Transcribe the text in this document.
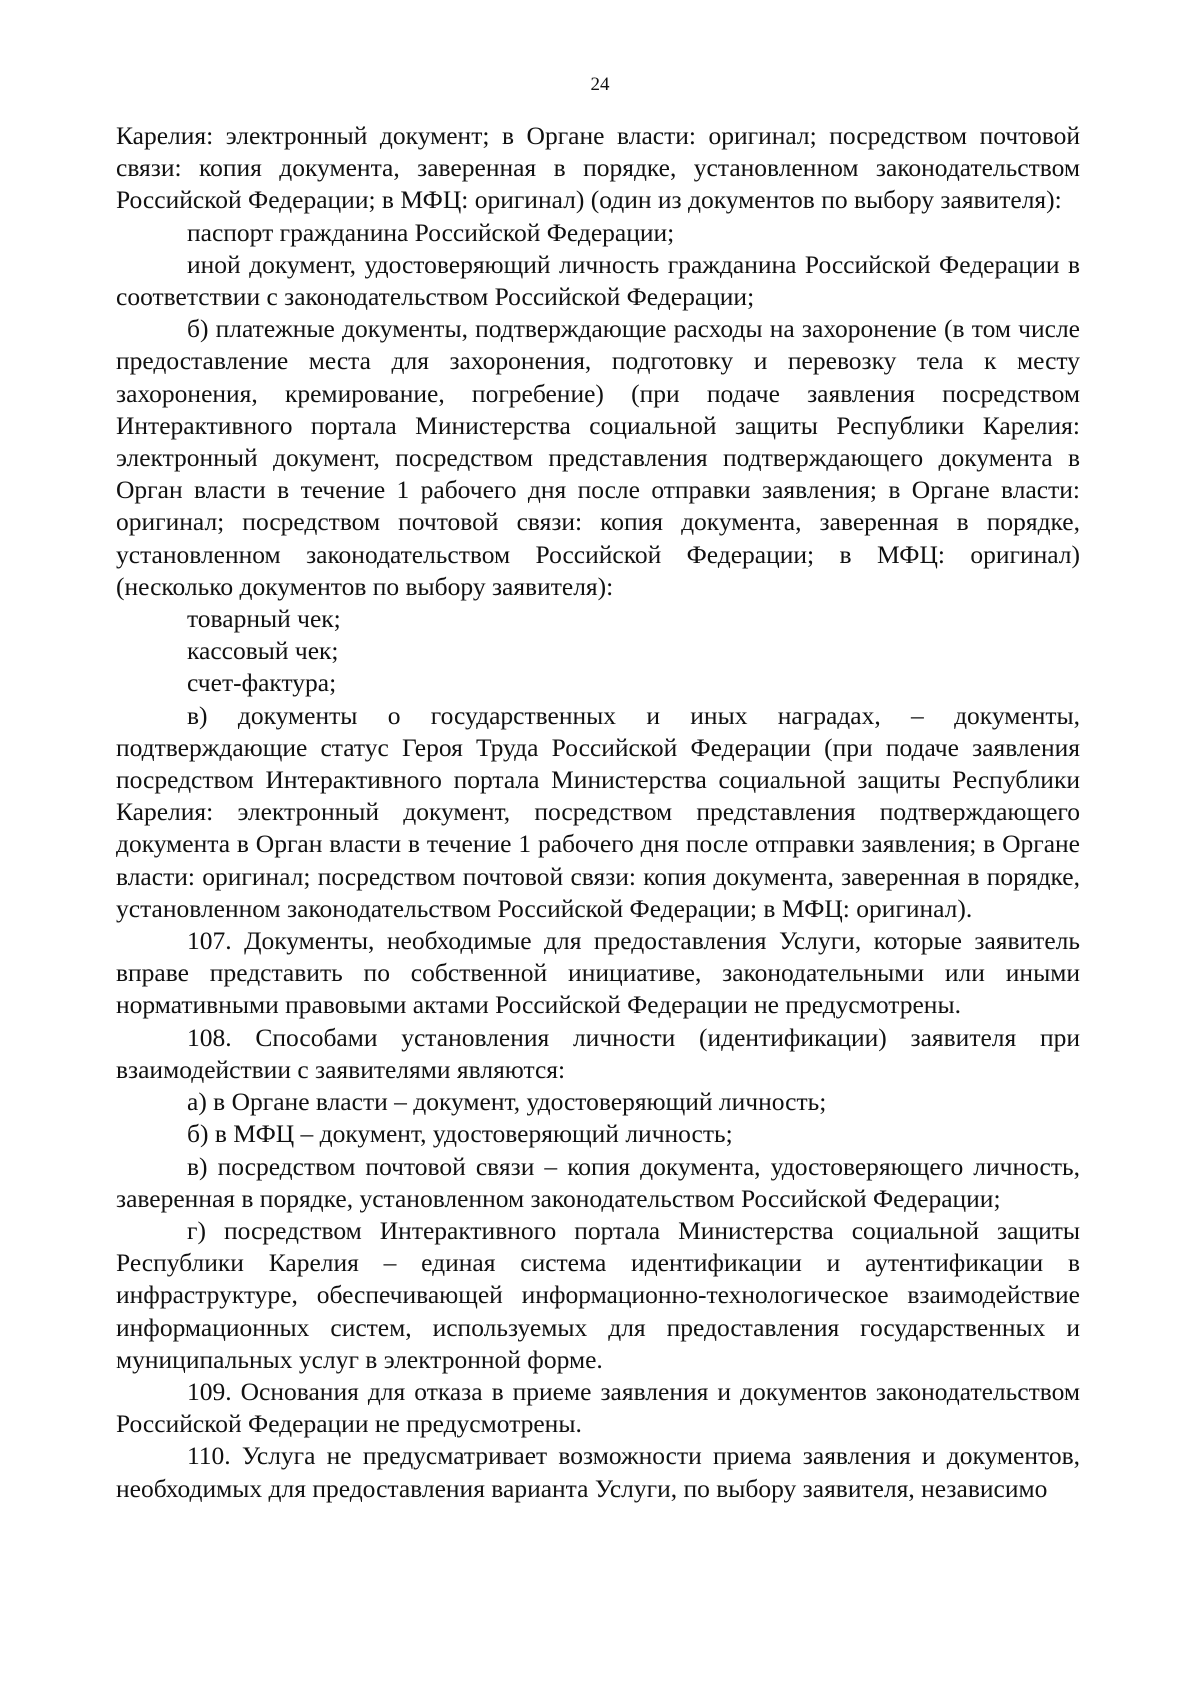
24

Карелия: электронный документ; в Органе власти: оригинал; посредством почтовой связи: копия документа, заверенная в порядке, установленном законодательством Российской Федерации; в МФЦ: оригинал) (один из документов по выбору заявителя):

паспорт гражданина Российской Федерации;

иной документ, удостоверяющий личность гражданина Российской Федерации в соответствии с законодательством Российской Федерации;

б) платежные документы, подтверждающие расходы на захоронение (в том числе предоставление места для захоронения, подготовку и перевозку тела к месту захоронения, кремирование, погребение) (при подаче заявления посредством Интерактивного портала Министерства социальной защиты Республики Карелия: электронный документ, посредством представления подтверждающего документа в Орган власти в течение 1 рабочего дня после отправки заявления; в Органе власти: оригинал; посредством почтовой связи: копия документа, заверенная в порядке, установленном законодательством Российской Федерации; в МФЦ: оригинал) (несколько документов по выбору заявителя):

товарный чек;

кассовый чек;

счет-фактура;

в) документы о государственных и иных наградах, – документы, подтверждающие статус Героя Труда Российской Федерации (при подаче заявления посредством Интерактивного портала Министерства социальной защиты Республики Карелия: электронный документ, посредством представления подтверждающего документа в Орган власти в течение 1 рабочего дня после отправки заявления; в Органе власти: оригинал; посредством почтовой связи: копия документа, заверенная в порядке, установленном законодательством Российской Федерации; в МФЦ: оригинал).

107. Документы, необходимые для предоставления Услуги, которые заявитель вправе представить по собственной инициативе, законодательными или иными нормативными правовыми актами Российской Федерации не предусмотрены.

108. Способами установления личности (идентификации) заявителя при взаимодействии с заявителями являются:

а) в Органе власти – документ, удостоверяющий личность;

б) в МФЦ – документ, удостоверяющий личность;

в) посредством почтовой связи – копия документа, удостоверяющего личность, заверенная в порядке, установленном законодательством Российской Федерации;

г) посредством Интерактивного портала Министерства социальной защиты Республики Карелия – единая система идентификации и аутентификации в инфраструктуре, обеспечивающей информационно-технологическое взаимодействие информационных систем, используемых для предоставления государственных и муниципальных услуг в электронной форме.

109. Основания для отказа в приеме заявления и документов законодательством Российской Федерации не предусмотрены.

110. Услуга не предусматривает возможности приема заявления и документов, необходимых для предоставления варианта Услуги, по выбору заявителя, независимо
